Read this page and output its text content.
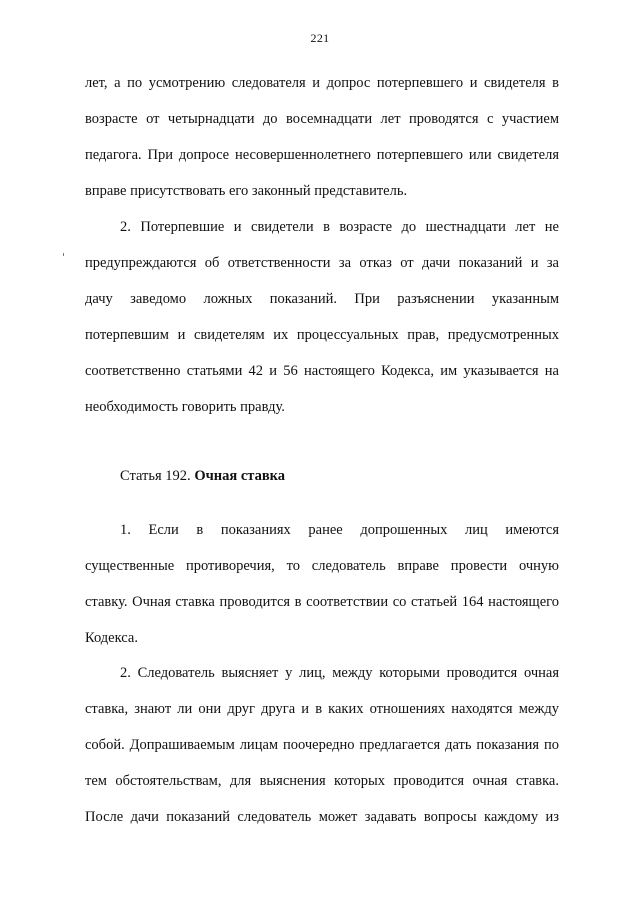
221
лет, а по усмотрению следователя и допрос потерпевшего и свидетеля в
возрасте от четырнадцати до восемнадцати лет проводятся с участием
педагога. При допросе несовершеннолетнего потерпевшего или свидетеля
вправе присутствовать его законный представитель.
2. Потерпевшие и свидетели в возрасте до шестнадцати лет не
предупреждаются об ответственности за отказ от дачи показаний и за
дачу заведомо ложных показаний. При разъяснении указанным
потерпевшим и свидетелям их процессуальных прав, предусмотренных
соответственно статьями 42 и 56 настоящего Кодекса, им указывается на
необходимость говорить правду.
Статья 192. Очная ставка
1. Если в показаниях ранее допрошенных лиц имеются
существенные противоречия, то следователь вправе провести очную
ставку. Очная ставка проводится в соответствии со статьей 164 настоящего
Кодекса.
2. Следователь выясняет у лиц, между которыми проводится очная
ставка, знают ли они друг друга и в каких отношениях находятся между
собой. Допрашиваемым лицам поочередно предлагается дать показания по
тем обстоятельствам, для выяснения которых проводится очная ставка.
После дачи показаний следователь может задавать вопросы каждому из
